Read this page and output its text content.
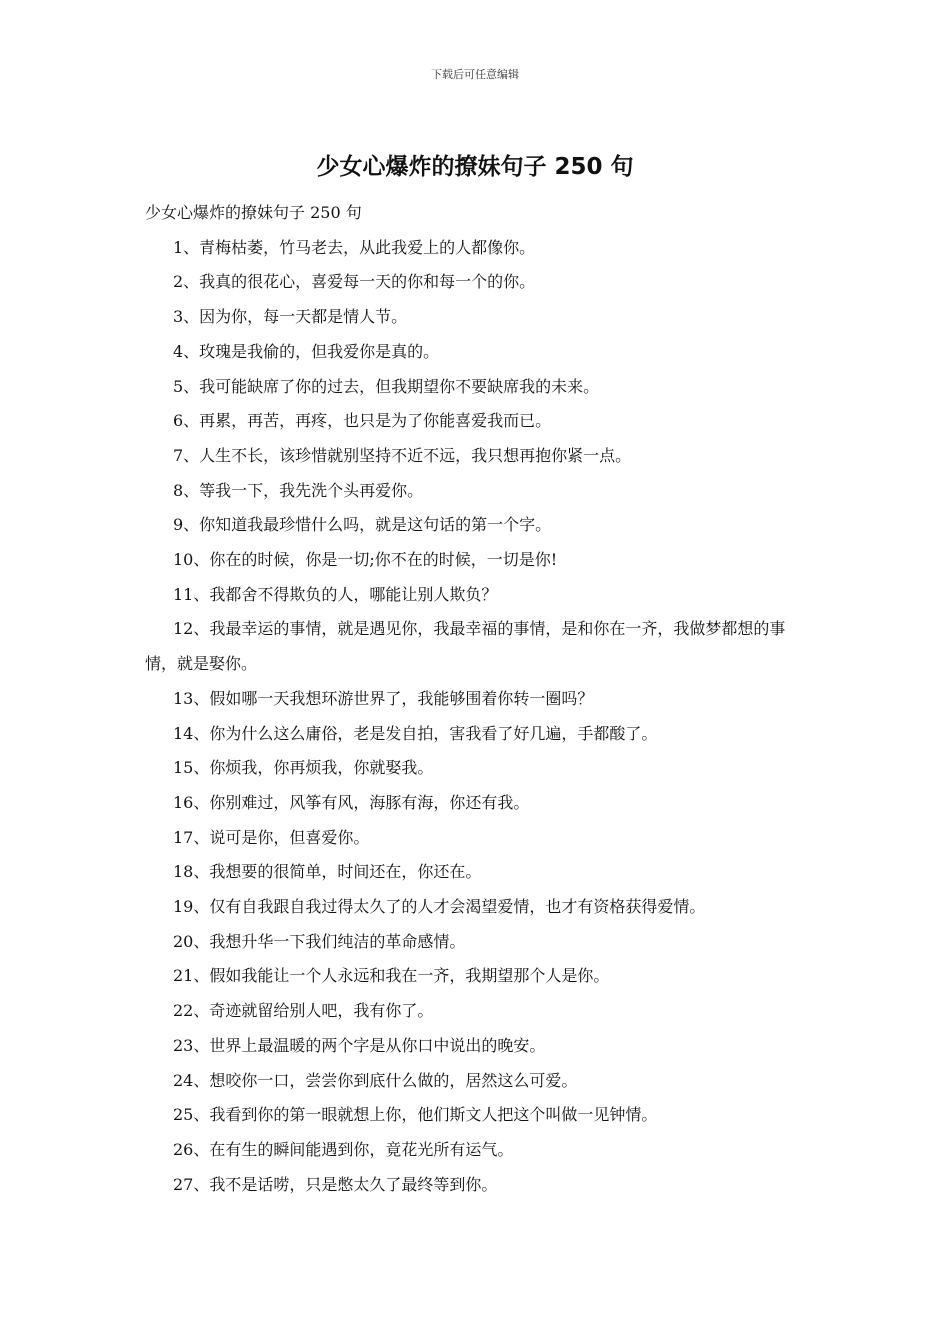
下载后可任意编辑
少女心爆炸的撩妹句子 250 句

少女心爆炸的撩妹句子 250 句

1、青梅枯萎，竹马老去，从此我爱上的人都像你。

2、我真的很花心，喜爱每一天的你和每一个的你。

3、因为你，每一天都是情人节。

4、玫瑰是我偷的，但我爱你是真的。

5、我可能缺席了你的过去，但我期望你不要缺席我的未来。

6、再累，再苦，再疼，也只是为了你能喜爱我而已。

7、人生不长，该珍惜就别坚持不近不远，我只想再抱你紧一点。

8、等我一下，我先洗个头再爱你。

9、你知道我最珍惜什么吗，就是这句话的第一个字。

10、你在的时候，你是一切;你不在的时候，一切是你!

11、我都舍不得欺负的人，哪能让别人欺负？

12、我最幸运的事情，就是遇见你，我最幸福的事情，是和你在一齐，我做梦都想的事情，就是娶你。

13、假如哪一天我想环游世界了，我能够围着你转一圈吗？

14、你为什么这么庸俗，老是发自拍，害我看了好几遍，手都酸了。

15、你烦我，你再烦我，你就娶我。

16、你别难过，风筝有风，海豚有海，你还有我。

17、说可是你，但喜爱你。

18、我想要的很简单，时间还在，你还在。

19、仅有自我跟自我过得太久了的人才会渴望爱情，也才有资格获得爱情。

20、我想升华一下我们纯洁的革命感情。

21、假如我能让一个人永远和我在一齐，我期望那个人是你。

22、奇迹就留给别人吧，我有你了。

23、世界上最温暖的两个字是从你口中说出的晚安。

24、想咬你一口，尝尝你到底什么做的，居然这么可爱。

25、我看到你的第一眼就想上你，他们斯文人把这个叫做一见钟情。

26、在有生的瞬间能遇到你，竟花光所有运气。

27、我不是话唠，只是憋太久了最终等到你。
